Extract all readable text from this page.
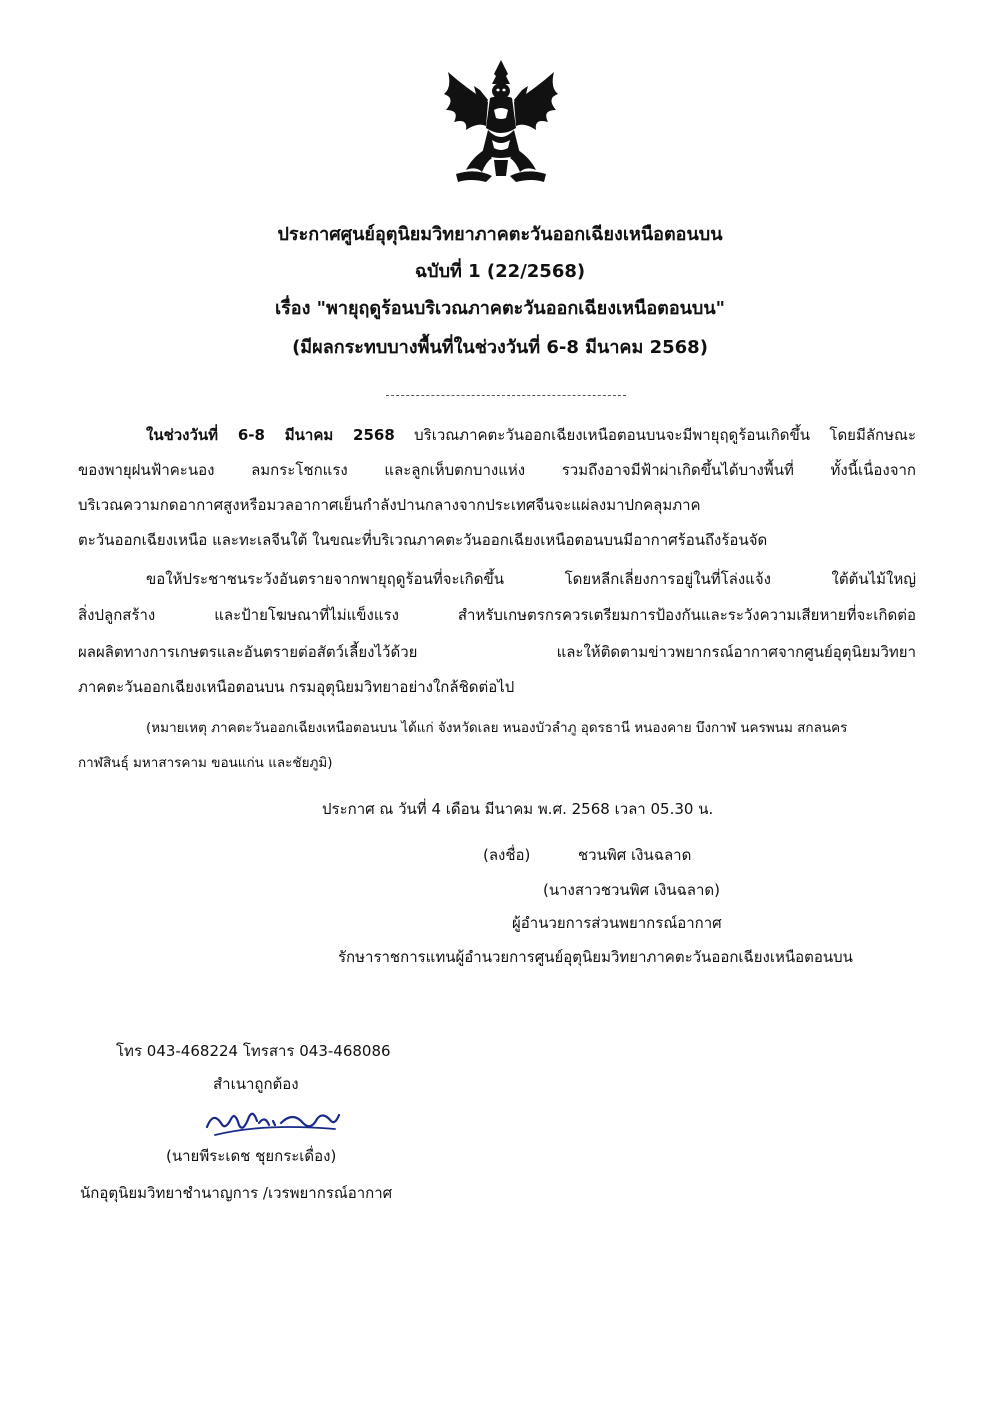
ประกาศศูนย์อุตุนิยมวิทยาภาคตะวันออกเฉียงเหนือตอนบน
ฉบับที่ 1 (22/2568)
เรื่อง "พายุฤดูร้อนบริเวณภาคตะวันออกเฉียงเหนือตอนบน"
(มีผลกระทบบางพื้นที่ในช่วงวันที่ 6-8 มีนาคม 2568)
ในช่วงวันที่ 6-8 มีนาคม 2568 บริเวณภาคตะวันออกเฉียงเหนือตอนบนจะมีพายุฤดูร้อนเกิดขึ้น โดยมีลักษณะ
ของพายุฝนฟ้าคะนอง ลมกระโชกแรง และลูกเห็บตกบางแห่ง รวมถึงอาจมีฟ้าผ่าเกิดขึ้นได้บางพื้นที่ ทั้งนี้เนื่องจาก
บริเวณความกดอากาศสูงหรือมวลอากาศเย็นกำลังปานกลางจากประเทศจีนจะแผ่ลงมาปกคลุมภาค
ตะวันออกเฉียงเหนือ และทะเลจีนใต้ ในขณะที่บริเวณภาคตะวันออกเฉียงเหนือตอนบนมีอากาศร้อนถึงร้อนจัด
ขอให้ประชาชนระวังอันตรายจากพายุฤดูร้อนที่จะเกิดขึ้น โดยหลีกเลี่ยงการอยู่ในที่โล่งแจ้ง ใต้ต้นไม้ใหญ่
สิ่งปลูกสร้าง และป้ายโฆษณาที่ไม่แข็งแรง สำหรับเกษตรกรควรเตรียมการป้องกันและระวังความเสียหายที่จะเกิดต่อ
ผลผลิตทางการเกษตรและอันตรายต่อสัตว์เลี้ยงไว้ด้วย และให้ติดตามข่าวพยากรณ์อากาศจากศูนย์อุตุนิยมวิทยา
ภาคตะวันออกเฉียงเหนือตอนบน กรมอุตุนิยมวิทยาอย่างใกล้ชิดต่อไป
(หมายเหตุ ภาคตะวันออกเฉียงเหนือตอนบน ได้แก่ จังหวัดเลย หนองบัวลำภู อุดรธานี หนองคาย บึงกาฬ นครพนม สกลนคร
กาฬสินธุ์ มหาสารคาม ขอนแก่น และชัยภูมิ)
ประกาศ ณ วันที่ 4 เดือน มีนาคม พ.ศ. 2568 เวลา 05.30 น.
(ลงชื่อ)	ชวนพิศ เงินฉลาด
(นางสาวชวนพิศ เงินฉลาด)
ผู้อำนวยการส่วนพยากรณ์อากาศ
รักษาราชการแทนผู้อำนวยการศูนย์อุตุนิยมวิทยาภาคตะวันออกเฉียงเหนือตอนบน
โทร 043-468224 โทรสาร 043-468086
สำเนาถูกต้อง
(นายพีระเดช ชุยกระเดื่อง)
นักอุตุนิยมวิทยาชำนาญการ /เวรพยากรณ์อากาศ
